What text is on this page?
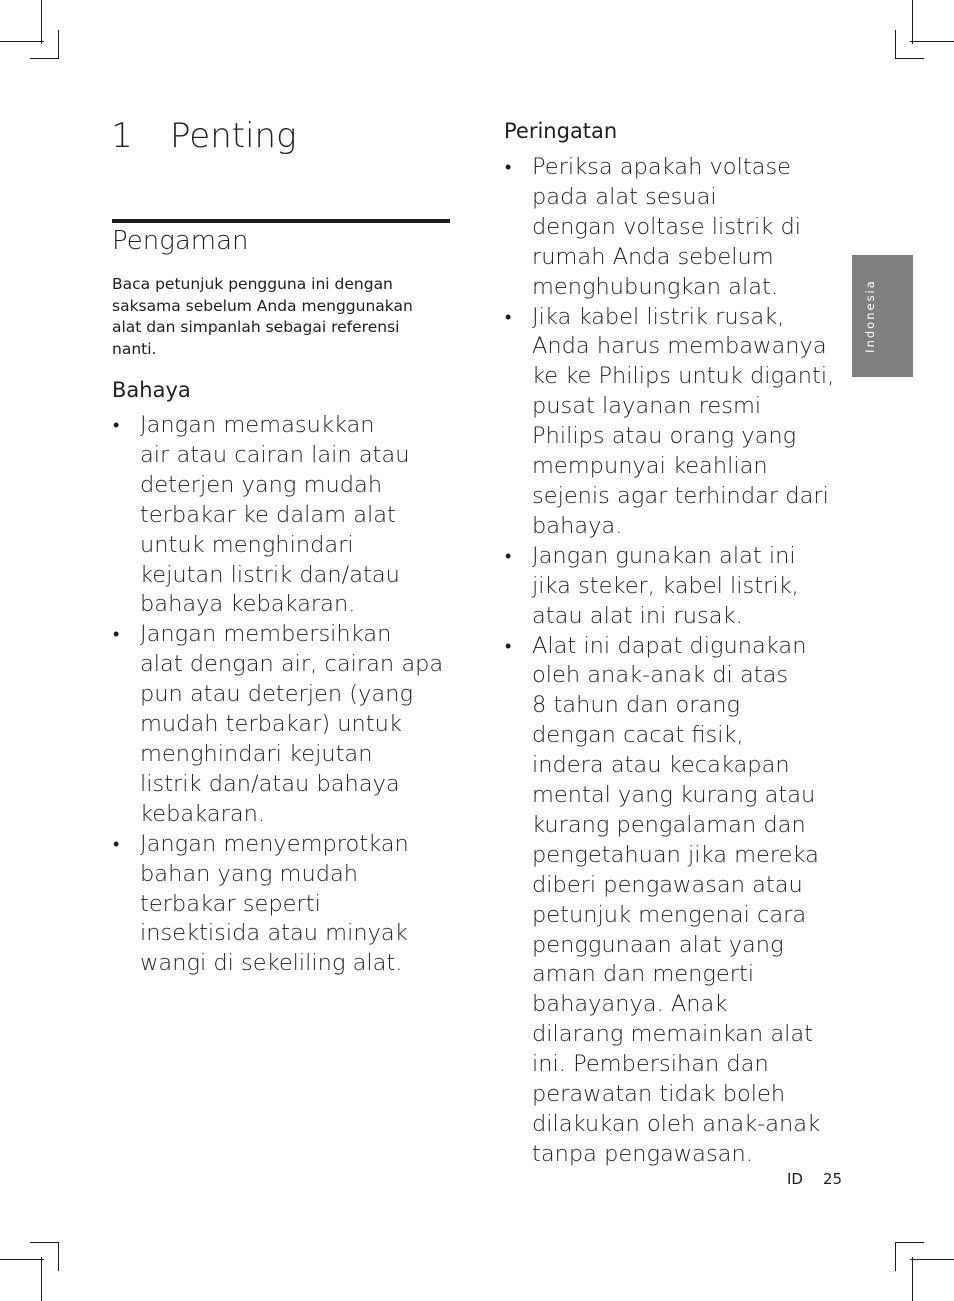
1 Penting
Pengaman
Baca petunjuk pengguna ini dengan
saksama sebelum Anda menggunakan
alat dan simpanlah sebagai referensi
nanti.
Bahaya
• Jangan memasukkan
air atau cairan lain atau
deterjen yang mudah
terbakar ke dalam alat
untuk menghindari
kejutan listrik dan/atau
bahaya kebakaran.
• Jangan membersihkan
alat dengan air, cairan apa
pun atau deterjen (yang
mudah terbakar) untuk
menghindari kejutan
listrik dan/atau bahaya
kebakaran.
• Jangan menyemprotkan
bahan yang mudah
terbakar seperti
insektisida atau minyak
wangi di sekeliling alat.
Peringatan
• Periksa apakah voltase
pada alat sesuai
dengan voltase listrik di
rumah Anda sebelum
menghubungkan alat.
• Jika kabel listrik rusak,
Anda harus membawanya
ke ke Philips untuk diganti,
pusat layanan resmi
Philips atau orang yang
mempunyai keahlian
sejenis agar terhindar dari
bahaya.
• Jangan gunakan alat ini
jika steker, kabel listrik,
atau alat ini rusak.
• Alat ini dapat digunakan
oleh anak-anak di atas
8 tahun dan orang
dengan cacat fisik,
indera atau kecakapan
mental yang kurang atau
kurang pengalaman dan
pengetahuan jika mereka
diberi pengawasan atau
petunjuk mengenai cara
penggunaan alat yang
aman dan mengerti
bahayanya. Anak
dilarang memainkan alat
ini. Pembersihan dan
perawatan tidak boleh
dilakukan oleh anak-anak
tanpa pengawasan.
Indonesia
ID 25
